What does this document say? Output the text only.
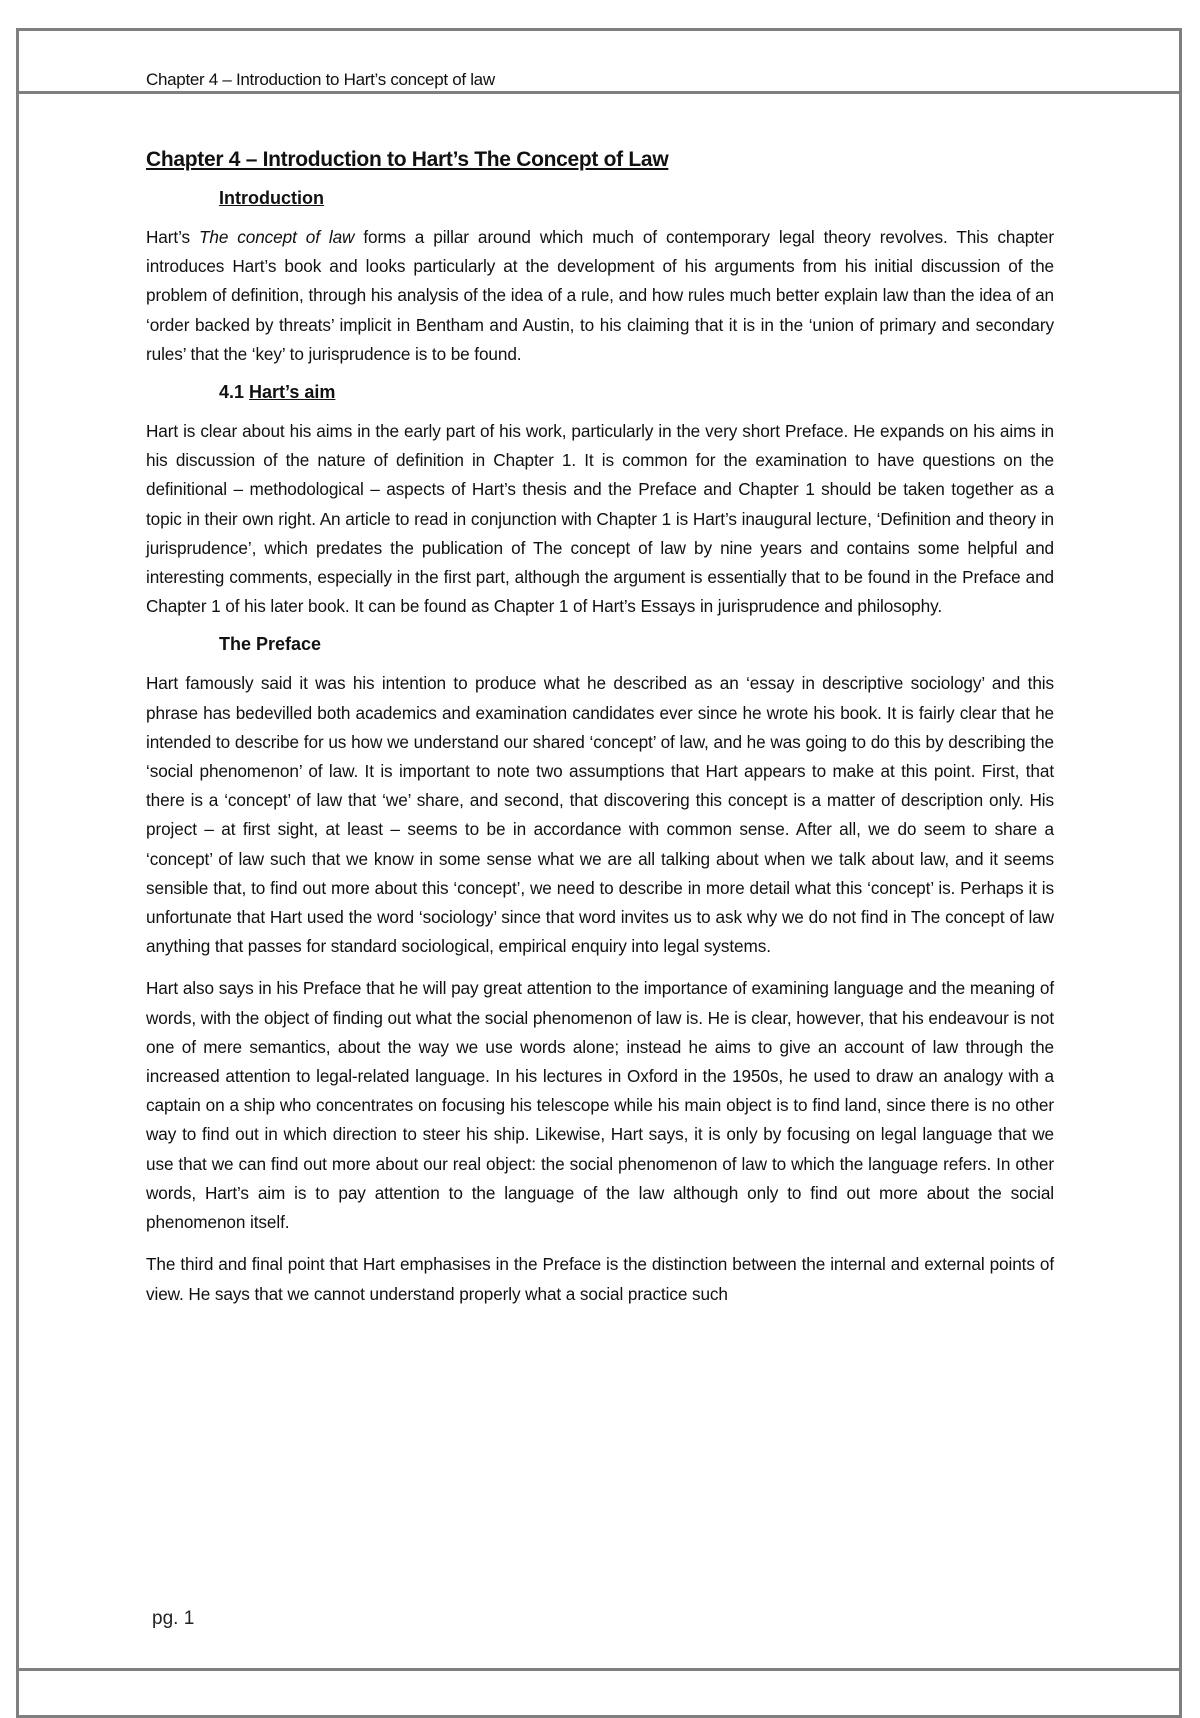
Chapter 4 – Introduction to Hart’s concept of law
Chapter 4 – Introduction to Hart’s The Concept of Law
Introduction

Hart’s The concept of law forms a pillar around which much of contemporary legal theory revolves. This chapter introduces Hart’s book and looks particularly at the development of his arguments from his initial discussion of the problem of definition, through his analysis of the idea of a rule, and how rules much better explain law than the idea of an ‘order backed by threats’ implicit in Bentham and Austin, to his claiming that it is in the ‘union of primary and secondary rules’ that the ‘key’ to jurisprudence is to be found.

4.1 Hart’s aim

Hart is clear about his aims in the early part of his work, particularly in the very short Preface. He expands on his aims in his discussion of the nature of definition in Chapter 1. It is common for the examination to have questions on the definitional – methodological – aspects of Hart’s thesis and the Preface and Chapter 1 should be taken together as a topic in their own right. An article to read in conjunction with Chapter 1 is Hart’s inaugural lecture, ‘Definition and theory in jurisprudence’, which predates the publication of The concept of law by nine years and contains some helpful and interesting comments, especially in the first part, although the argument is essentially that to be found in the Preface and Chapter 1 of his later book. It can be found as Chapter 1 of Hart’s Essays in jurisprudence and philosophy.

The Preface

Hart famously said it was his intention to produce what he described as an ‘essay in descriptive sociology’ and this phrase has bedevilled both academics and examination candidates ever since he wrote his book. It is fairly clear that he intended to describe for us how we understand our shared ‘concept’ of law, and he was going to do this by describing the ‘social phenomenon’ of law. It is important to note two assumptions that Hart appears to make at this point. First, that there is a ‘concept’ of law that ‘we’ share, and second, that discovering this concept is a matter of description only. His project – at first sight, at least – seems to be in accordance with common sense. After all, we do seem to share a ‘concept’ of law such that we know in some sense what we are all talking about when we talk about law, and it seems sensible that, to find out more about this ‘concept’, we need to describe in more detail what this ‘concept’ is. Perhaps it is unfortunate that Hart used the word ‘sociology’ since that word invites us to ask why we do not find in The concept of law anything that passes for standard sociological, empirical enquiry into legal systems.

Hart also says in his Preface that he will pay great attention to the importance of examining language and the meaning of words, with the object of finding out what the social phenomenon of law is. He is clear, however, that his endeavour is not one of mere semantics, about the way we use words alone; instead he aims to give an account of law through the increased attention to legal-related language. In his lectures in Oxford in the 1950s, he used to draw an analogy with a captain on a ship who concentrates on focusing his telescope while his main object is to find land, since there is no other way to find out in which direction to steer his ship. Likewise, Hart says, it is only by focusing on legal language that we use that we can find out more about our real object: the social phenomenon of law to which the language refers. In other words, Hart’s aim is to pay attention to the language of the law although only to find out more about the social phenomenon itself.

The third and final point that Hart emphasises in the Preface is the distinction between the internal and external points of view. He says that we cannot understand properly what a social practice such

pg. 1
